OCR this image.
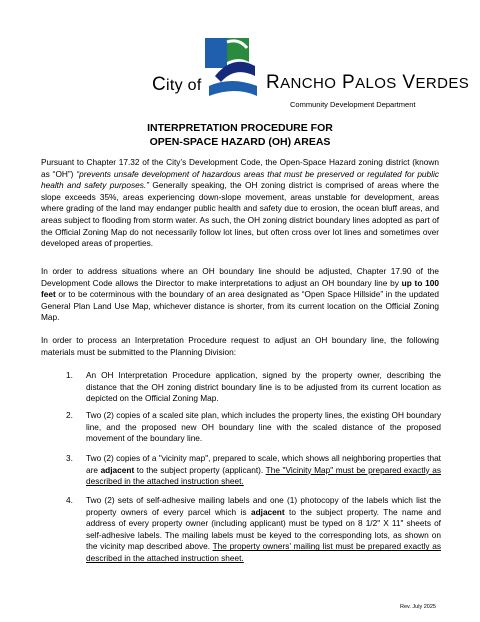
City of	RANCHO PALOS VERDES
Community Development Department
INTERPRETATION PROCEDURE FOR
OPEN-SPACE HAZARD (OH) AREAS
Pursuant to Chapter 17.32 of the City’s Development Code, the Open-Space Hazard zoning district (known as “OH”) “prevents unsafe development of hazardous areas that must be preserved or regulated for public health and safety purposes.” Generally speaking, the OH zoning district is comprised of areas where the slope exceeds 35%, areas experiencing down-slope movement, areas unstable for development, areas where grading of the land may endanger public health and safety due to erosion, the ocean bluff areas, and areas subject to flooding from storm water. As such, the OH zoning district boundary lines adopted as part of the Official Zoning Map do not necessarily follow lot lines, but often cross over lot lines and sometimes over developed areas of properties.
In order to address situations where an OH boundary line should be adjusted, Chapter 17.90 of the Development Code allows the Director to make interpretations to adjust an OH boundary line by up to 100 feet or to be coterminous with the boundary of an area designated as “Open Space Hillside” in the updated General Plan Land Use Map, whichever distance is shorter, from its current location on the Official Zoning Map.
In order to process an Interpretation Procedure request to adjust an OH boundary line, the following materials must be submitted to the Planning Division:
1. An OH Interpretation Procedure application, signed by the property owner, describing the distance that the OH zoning district boundary line is to be adjusted from its current location as depicted on the Official Zoning Map.
2. Two (2) copies of a scaled site plan, which includes the property lines, the existing OH boundary line, and the proposed new OH boundary line with the scaled distance of the proposed movement of the boundary line.
3. Two (2) copies of a "vicinity map", prepared to scale, which shows all neighboring properties that are adjacent to the subject property (applicant). The "Vicinity Map" must be prepared exactly as described in the attached instruction sheet.
4. Two (2) sets of self-adhesive mailing labels and one (1) photocopy of the labels which list the property owners of every parcel which is adjacent to the subject property. The name and address of every property owner (including applicant) must be typed on 8 1/2" X 11" sheets of self-adhesive labels. The mailing labels must be keyed to the corresponding lots, as shown on the vicinity map described above. The property owners’ mailing list must be prepared exactly as described in the attached instruction sheet.
Rev. July 2025
